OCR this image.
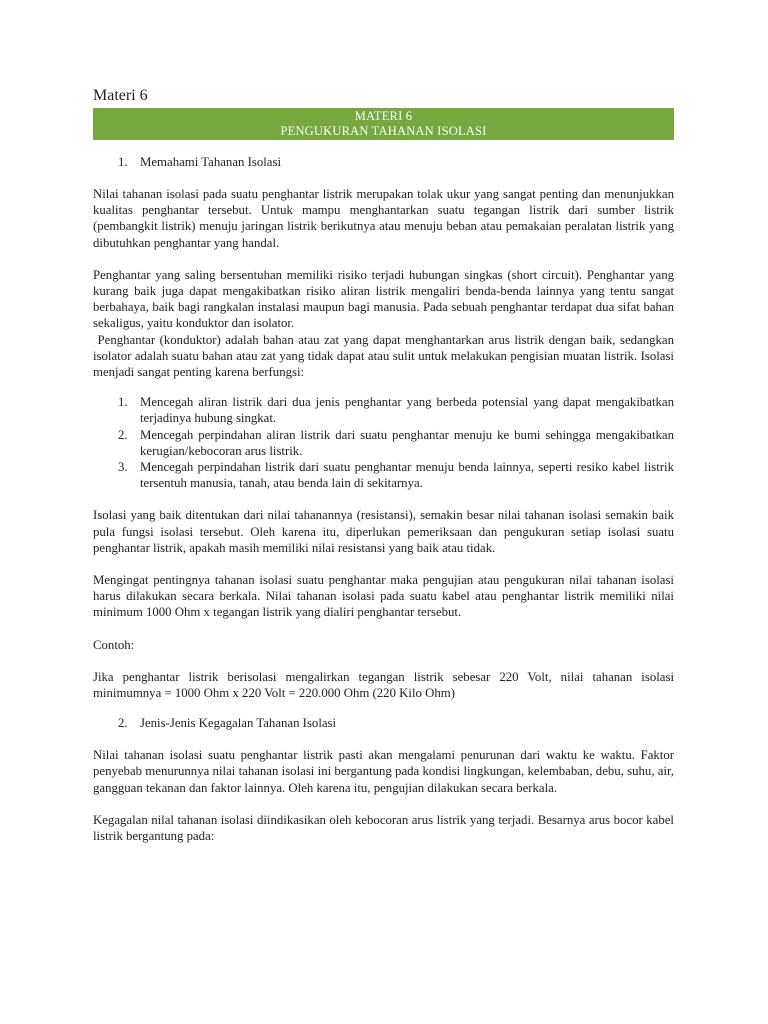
Materi 6
MATERI 6
PENGUKURAN TAHANAN ISOLASI
1. Memahami Tahanan Isolasi

Nilai tahanan isolasi pada suatu penghantar listrik merupakan tolak ukur yang sangat penting dan menunjukkan kualitas penghantar tersebut. Untuk mampu menghantarkan suatu tegangan listrik dari sumber listrik (pembangkit listrik) menuju jaringan listrik berikutnya atau menuju beban atau pemakaian peralatan listrik yang dibutuhkan penghantar yang handal.

Penghantar yang saling bersentuhan memiliki risiko terjadi hubungan singkas (short circuit). Penghantar yang kurang baik juga dapat mengakibatkan risiko aliran listrik mengaliri benda-benda lainnya yang tentu sangat berbahaya, baik bagi rangkalan instalasi maupun bagi manusia. Pada sebuah penghantar terdapat dua sifat bahan sekaligus, yaitu konduktor dan isolator.

Penghantar (konduktor) adalah bahan atau zat yang dapat menghantarkan arus listrik dengan baik, sedangkan isolator adalah suatu bahan atau zat yang tidak dapat atau sulit untuk melakukan pengisian muatan listrik. Isolasi menjadi sangat penting karena berfungsi:

1. Mencegah aliran listrik dari dua jenis penghantar yang berbeda potensial yang dapat mengakibatkan terjadinya hubung singkat.
2. Mencegah perpindahan aliran listrik dari suatu penghantar menuju ke bumi sehingga mengakibatkan kerugian/kebocoran arus listrik.
3. Mencegah perpindahan listrik dari suatu penghantar menuju benda lainnya, seperti resiko kabel listrik tersentuh manusia, tanah, atau benda lain di sekitarnya.

Isolasi yang baik ditentukan dari nilai tahanannya (resistansi), semakin besar nilai tahanan isolasi semakin baik pula fungsi isolasi tersebut. Oleh karena itu, diperlukan pemeriksaan dan pengukuran setiap isolasi suatu penghantar listrik, apakah masih memiliki nilai resistansi yang baik atau tidak.

Mengingat pentingnya tahanan isolasi suatu penghantar maka pengujian atau pengukuran nilai tahanan isolasi harus dilakukan secara berkala. Nilai tahanan isolasi pada suatu kabel atau penghantar listrik memiliki nilai minimum 1000 Ohm x tegangan listrik yang dialiri penghantar tersebut.

Contoh:

Jika penghantar listrik berisolasi mengalirkan tegangan listrik sebesar 220 Volt, nilai tahanan isolasi minimumnya = 1000 Ohm x 220 Volt = 220.000 Ohm (220 Kilo Ohm)

2. Jenis-Jenis Kegagalan Tahanan Isolasi

Nilai tahanan isolasi suatu penghantar listrik pasti akan mengalami penurunan dari waktu ke waktu. Faktor penyebab menurunnya nilai tahanan isolasi ini bergantung pada kondisi lingkungan, kelembaban, debu, suhu, air, gangguan tekanan dan faktor lainnya. Oleh karena itu, pengujian dilakukan secara berkala.

Kegagalan nilal tahanan isolasi diindikasikan oleh kebocoran arus listrik yang terjadi. Besarnya arus bocor kabel listrik bergantung pada:
